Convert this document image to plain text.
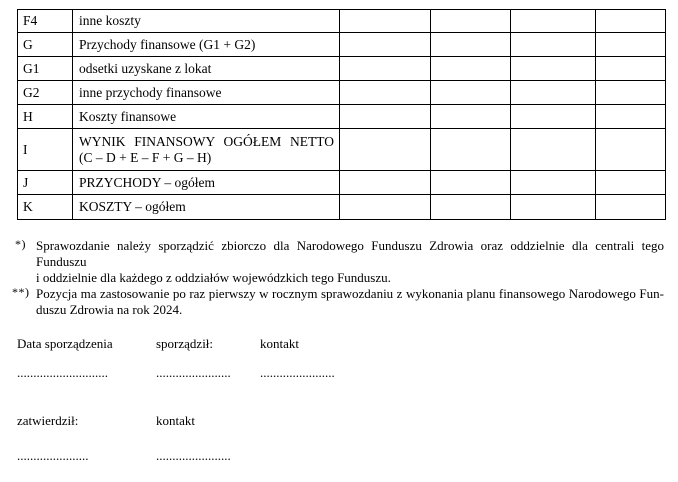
F4	inne koszty				
G	Przychody finansowe (G1 + G2)				
G1	odsetki uzyskane z lokat				
G2	inne przychody finansowe				
H	Koszty finansowe				
I	WYNIK FINANSOWY OGÓŁEM NETTO
(C – D + E – F + G – H)				

J	PRZYCHODY – ogółem				
K	KOSZTY – ogółem				
*) Sprawozdanie należy sporządzić zbiorczo dla Narodowego Funduszu Zdrowia oraz oddzielnie dla centrali tego Funduszu
i oddzielnie dla każdego z oddziałów wojewódzkich tego Funduszu.
**) Pozycja ma zastosowanie po raz pierwszy w rocznym sprawozdaniu z wykonania planu finansowego Narodowego Fun-
duszu Zdrowia na rok 2024.
Data sporządzenia	sporządził:	kontakt
............................	....................... .......................
zatwierdził:	kontakt
......................	.......................
